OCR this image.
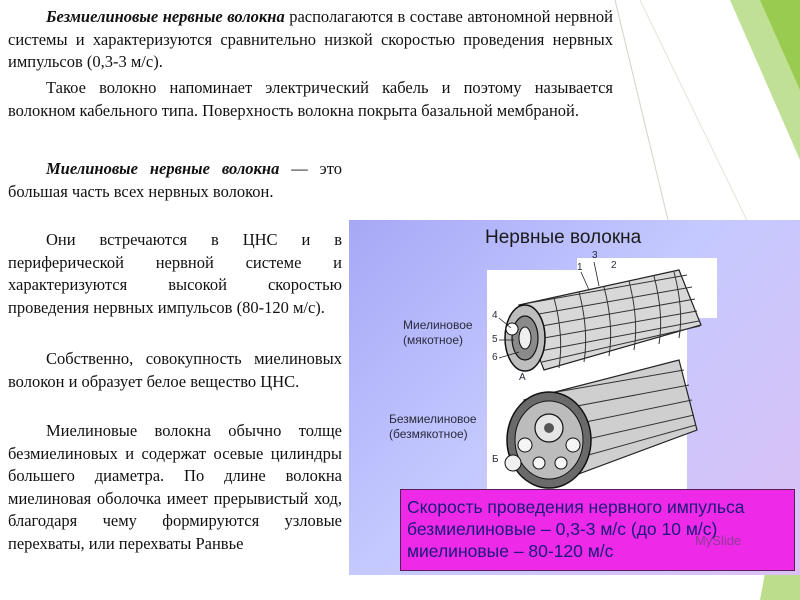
Безмиелиновые нервные волокна располагаются в составе автономной нервной системы и характеризуются сравнительно низкой скоростью проведения нервных импульсов (0,3-3 м/с).

Такое волокно напоминает электрический кабель и поэтому называется волокном кабельного типа. Поверхность волокна покрыта базальной мембраной.

Миелиновые нервные волокна — это большая часть всех нервных волокон.

Они встречаются в ЦНС и в периферической нервной системе и характеризуются высокой скоростью проведения нервных импульсов (80-120 м/с).

Собственно, совокупность миелиновых волокон и образует белое вещество ЦНС.

Миелиновые волокна обычно толще безмиелиновых и содержат осевые цилиндры большего диаметра. По длине волокна миелиновая оболочка имеет прерывистый ход, благодаря чему формируются узловые перехваты, или перехваты Ранвье

Нервные волокна
4
5
6
А
3
1	2
Б
Миелиновое
(мякотное)
Безмиелиновое
(безмякотное)
Скорость проведения нервного импульса
безмиелиновые – 0,3-3 м/с (до 10 м/с)
миелиновые – 80-120 м/с
MySlide
